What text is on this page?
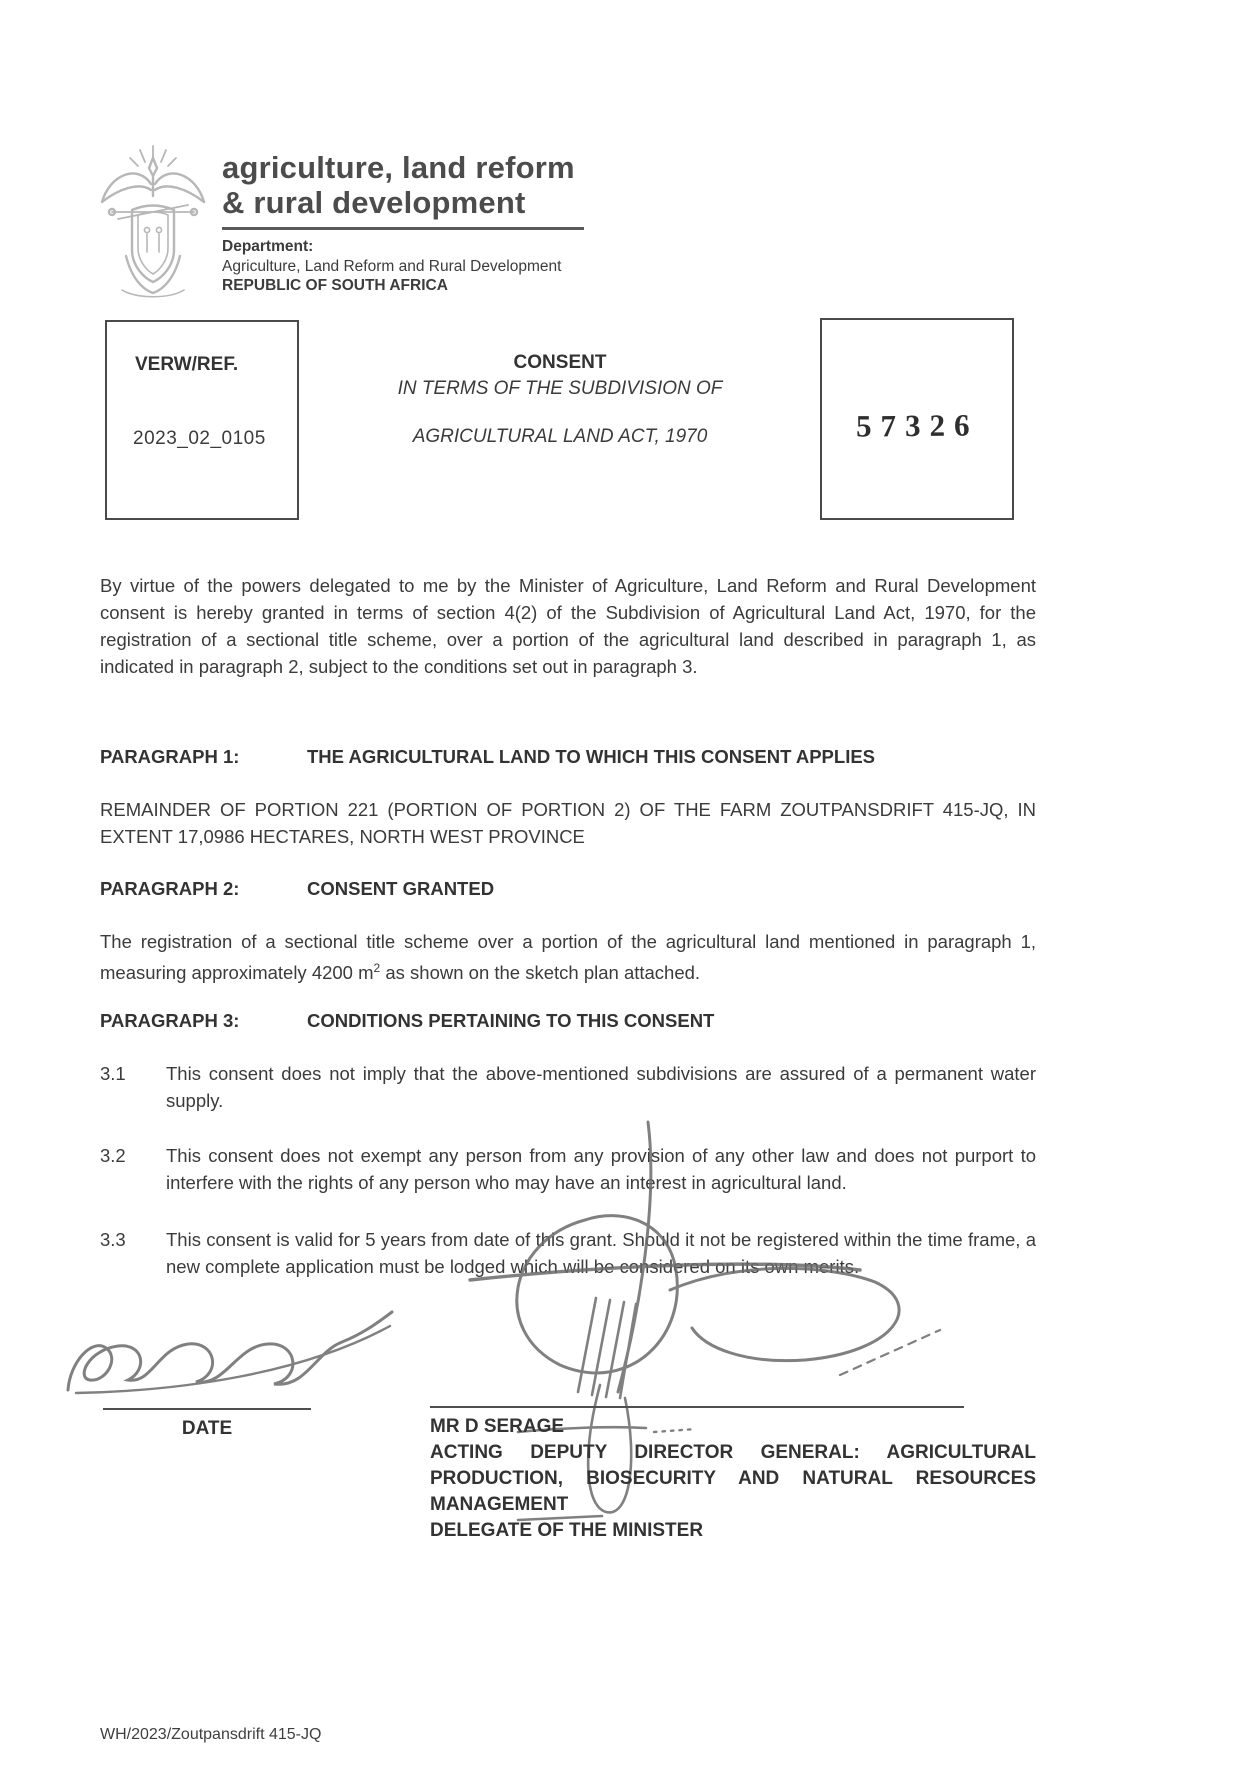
agriculture, land reform
& rural development
Department:
Agriculture, Land Reform and Rural Development
REPUBLIC OF SOUTH AFRICA
VERW/REF.
2023_02_0105
CONSENT
IN TERMS OF THE SUBDIVISION OF
AGRICULTURAL LAND ACT, 1970	57326
By virtue of the powers delegated to me by the Minister of Agriculture, Land Reform and Rural Development consent is hereby granted in terms of section 4(2) of the Subdivision of Agricultural Land Act, 1970, for the registration of a sectional title scheme, over a portion of the agricultural land described in paragraph 1, as indicated in paragraph 2, subject to the conditions set out in paragraph 3.
PARAGRAPH 1:	THE AGRICULTURAL LAND TO WHICH THIS CONSENT APPLIES
REMAINDER OF PORTION 221 (PORTION OF PORTION 2) OF THE FARM ZOUTPANSDRIFT 415-JQ, IN EXTENT 17,0986 HECTARES, NORTH WEST PROVINCE
PARAGRAPH 2:	CONSENT GRANTED
The registration of a sectional title scheme over a portion of the agricultural land mentioned in paragraph 1, measuring approximately 4200 $m^2$ as shown on the sketch plan attached.
PARAGRAPH 3:	CONDITIONS PERTAINING TO THIS CONSENT
3.1	This consent does not imply that the above-mentioned subdivisions are assured of a permanent water supply.
3.2	This consent does not exempt any person from any provision of any other law and does not purport to interfere with the rights of any person who may have an interest in agricultural land.
3.3	This consent is valid for 5 years from date of this grant. Should it not be registered within the time frame, a new complete application must be lodged which will be considered on its own merits.
DATE	MR D SERAGE
ACTING DEPUTY DIRECTOR GENERAL: AGRICULTURAL
PRODUCTION, BIOSECURITY AND NATURAL RESOURCES
MANAGEMENT
DELEGATE OF THE MINISTER
WH/2023/Zoutpansdrift 415-JQ
